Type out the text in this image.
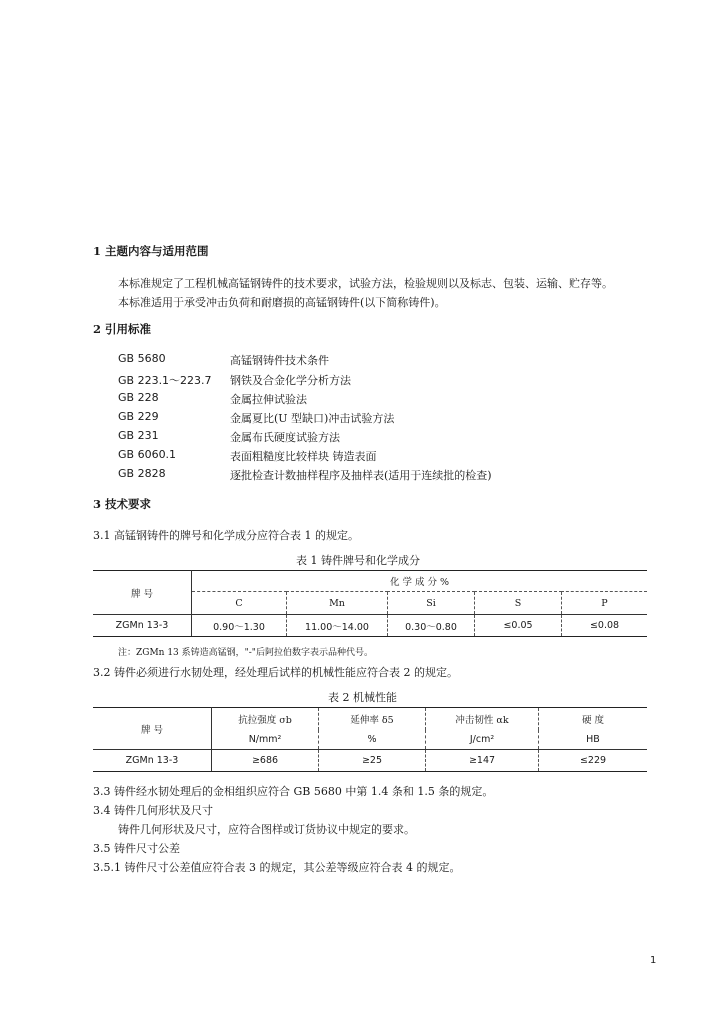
1 主题内容与适用范围
本标准规定了工程机械高锰钢铸件的技术要求，试验方法，检验规则以及标志、包装、运输、贮存等。
本标准适用于承受冲击负荷和耐磨损的高锰钢铸件(以下简称铸件)。
2 引用标准
GB 5680	高锰钢铸件技术条件
GB 223.1～223.7 钢铁及合金化学分析方法
GB 228	金属拉伸试验法
GB 229	金属夏比(U 型缺口)冲击试验方法
GB 231	金属布氏硬度试验方法
GB 6060.1	表面粗糙度比较样块 铸造表面
GB 2828	逐批检查计数抽样程序及抽样表(适用于连续批的检查)
3 技术要求
3.1 高锰钢铸件的牌号和化学成分应符合表 1 的规定。
表 1 铸件牌号和化学成分
牌 号	化 学 成 分 %				
	C	Mn	Si	S	P
ZGMn 13-3	0.90～1.30	11.00～14.00	0.30～0.80	≤0.05	≤0.08
注：ZGMn 13 系铸造高锰钢，"-"后阿拉伯数字表示品种代号。
3.2 铸件必须进行水韧处理，经处理后试样的机械性能应符合表 2 的规定。
表 2 机械性能
牌 号	抗拉强度 σb	延伸率 δ5	冲击韧性 αk	硬 度
	N/mm²	%	J/cm²	HB
ZGMn 13-3	≥686	≥25	≥147	≤229
3.3 铸件经水韧处理后的金相组织应符合 GB 5680 中第 1.4 条和 1.5 条的规定。
3.4 铸件几何形状及尺寸
铸件几何形状及尺寸，应符合图样或订货协议中规定的要求。
3.5 铸件尺寸公差
3.5.1 铸件尺寸公差值应符合表 3 的规定，其公差等级应符合表 4 的规定。
1
